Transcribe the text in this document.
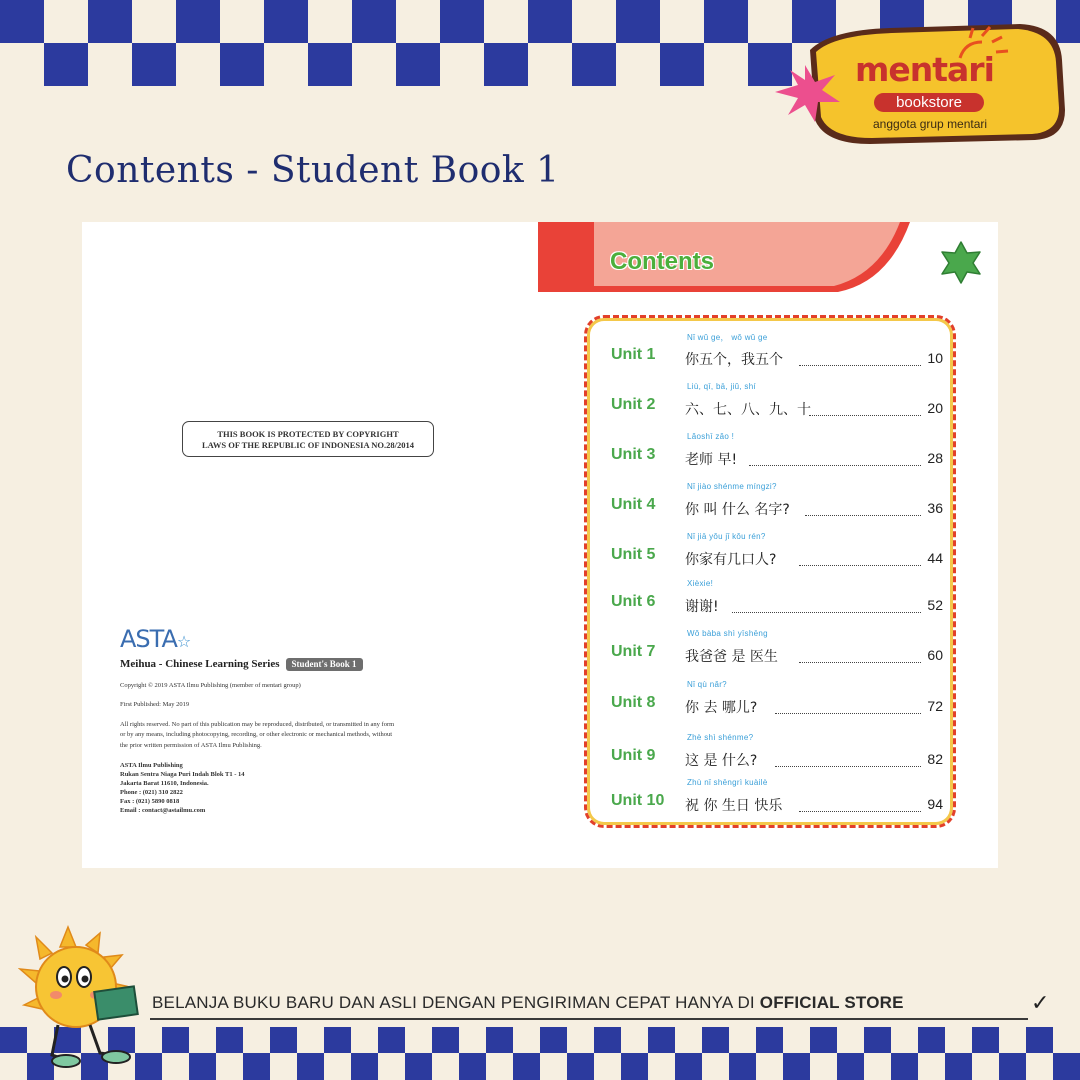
mentari
bookstore
anggota grup mentari
Contents - Student Book 1
THIS BOOK IS PROTECTED BY COPYRIGHT
LAWS OF THE REPUBLIC OF INDONESIA NO.28/2014
ASTA☆
Meihua - Chinese Learning Series Student's Book 1
Copyright © 2019 ASTA Ilmu Publishing (member of mentari group)
First Published: May 2019
All rights reserved. No part of this publication may be reproduced, distributed, or transmitted in any form
or by any means, including photocopying, recording, or other electronic or mechanical methods, without
the prior written permission of ASTA Ilmu Publishing.
ASTA Ilmu Publishing
Rukan Sentra Niaga Puri Indah Blok T1 - 14
Jakarta Barat 11610, Indonesia.
Phone : (021) 310 2822
Fax : (021) 5890 0818
Email : contact@astailmu.com
Contents
Unit 1
Nǐ wǔ ge， wǒ wǔ ge
你五个，我五个	10
Unit 2
Liù, qī, bā, jiǔ, shí
六、七、八、九、十	20
Unit 3
Lǎoshī zǎo !
老师 早!	28
Unit 4
Nǐ jiào shénme míngzi?
你 叫 什么 名字?	36
Unit 5
Nǐ jiā yǒu jǐ kǒu rén?
你家有几口人?	44
Unit 6
Xièxie!
谢谢!	52
Unit 7
Wǒ bàba shì yīshēng
我爸爸 是 医生	60
Unit 8
Nǐ qù nǎr?
你 去 哪儿?	72
Unit 9
Zhè shì shénme?
这 是 什么?	82
Unit 10
Zhù nǐ shēngrì kuàilè
祝 你 生日 快乐	94
BELANJA BUKU BARU DAN ASLI DENGAN PENGIRIMAN CEPAT HANYA DI OFFICIAL STORE	✓
